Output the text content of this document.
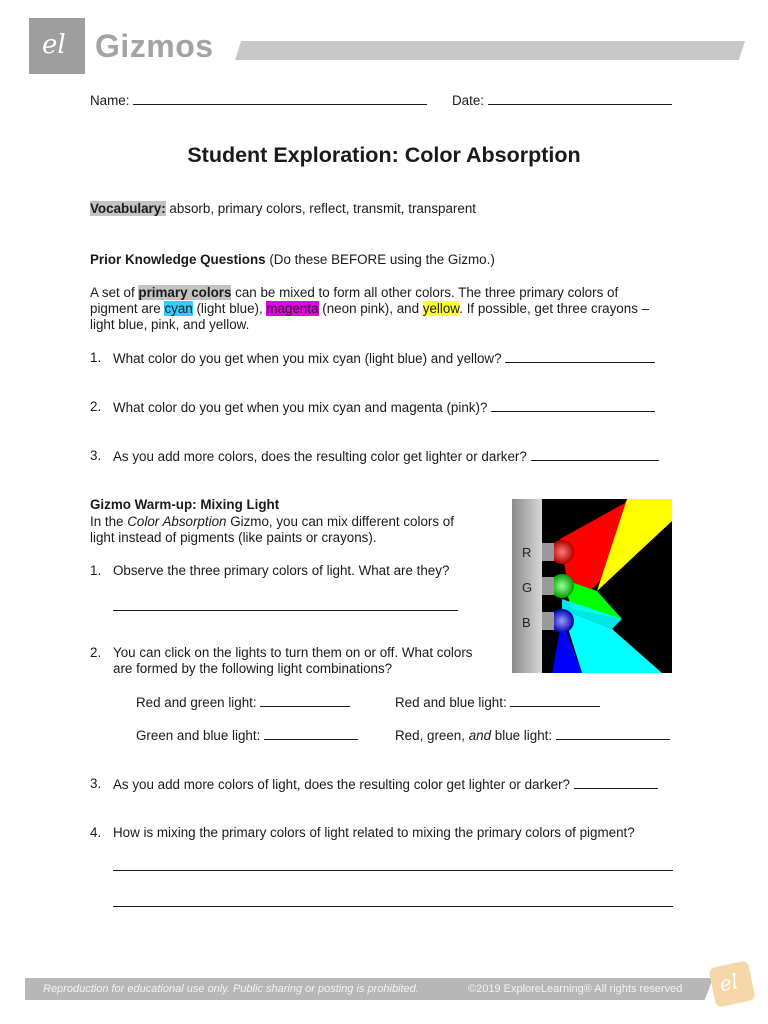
el Gizmos
Name:	Date:
Student Exploration: Color Absorption
Vocabulary: absorb, primary colors, reflect, transmit, transparent
Prior Knowledge Questions (Do these BEFORE using the Gizmo.)
A set of primary colors can be mixed to form all other colors. The three primary colors of
pigment are cyan (light blue), magenta (neon pink), and yellow. If possible, get three crayons –
light blue, pink, and yellow.
1. What color do you get when you mix cyan (light blue) and yellow?
2. What color do you get when you mix cyan and magenta (pink)?
3. As you add more colors, does the resulting color get lighter or darker?
Gizmo Warm-up: Mixing Light
In the Color Absorption Gizmo, you can mix different colors of
light instead of pigments (like paints or crayons).
1. Observe the three primary colors of light. What are they?
2. You can click on the lights to turn them on or off. What colors
are formed by the following light combinations?
Red and green light:	Red and blue light:
Green and blue light:	Red, green, and blue light:
3. As you add more colors of light, does the resulting color get lighter or darker?
4. How is mixing the primary colors of light related to mixing the primary colors of pigment?
R
G
B
Reproduction for educational use only. Public sharing or posting is prohibited.	©2019 ExploreLearning® All rights reserved el
